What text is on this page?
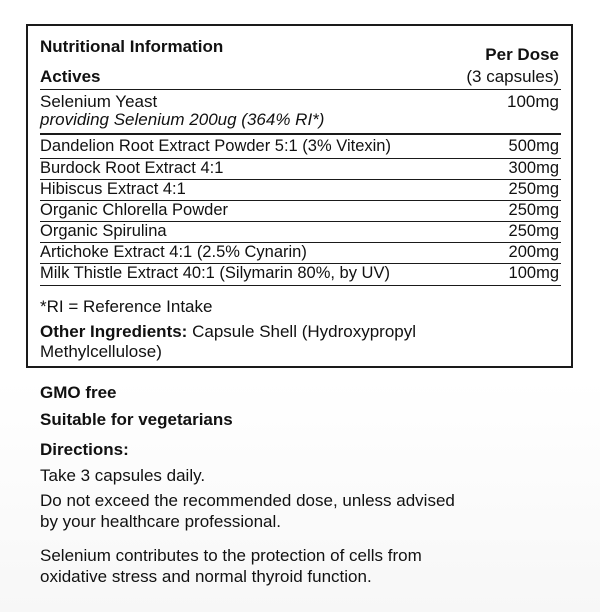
Nutritional Information	Per Dose
Actives	(3 capsules)
Selenium Yeast	100mg
providing Selenium 200ug (364% RI*)
Dandelion Root Extract Powder 5:1 (3% Vitexin)	500mg
Burdock Root Extract 4:1	300mg
Hibiscus Extract 4:1	250mg
Organic Chlorella Powder	250mg
Organic Spirulina	250mg
Artichoke Extract 4:1 (2.5% Cynarin)	200mg
Milk Thistle Extract 40:1 (Silymarin 80%, by UV)	100mg
*RI = Reference Intake
Other Ingredients: Capsule Shell (Hydroxypropyl
Methylcellulose)
GMO free
Suitable for vegetarians
Directions:
Take 3 capsules daily.
Do not exceed the recommended dose, unless advised
by your healthcare professional.
Selenium contributes to the protection of cells from
oxidative stress and normal thyroid function.
